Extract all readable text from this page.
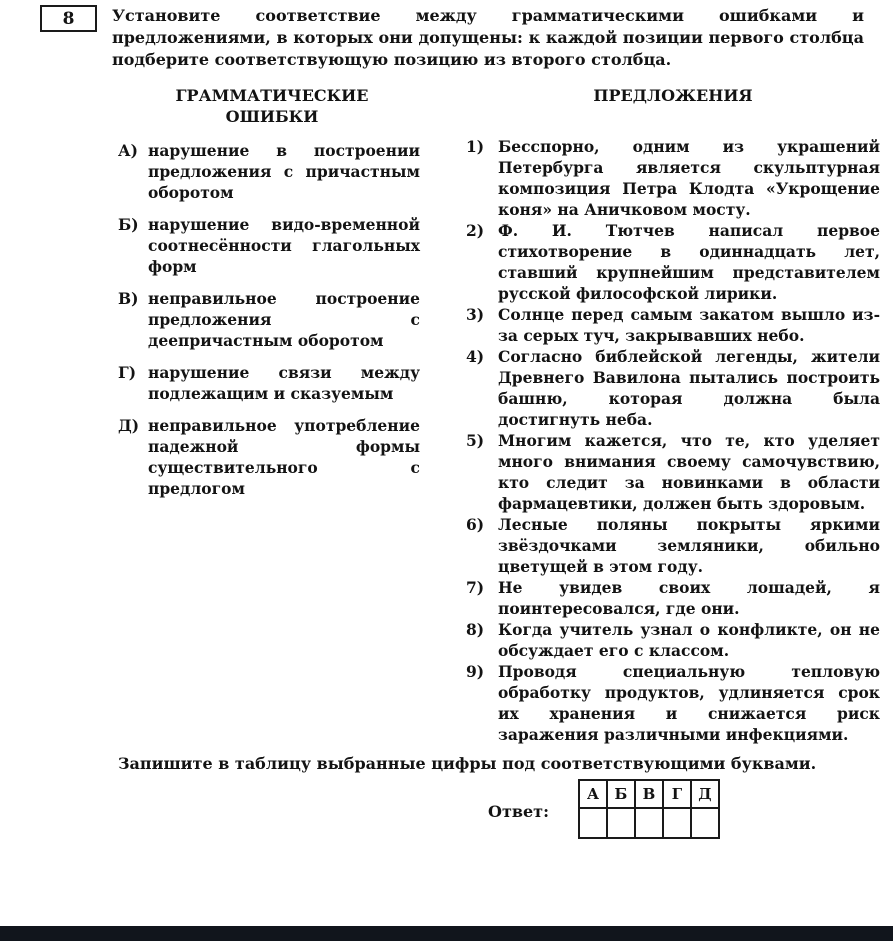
8 Установите соответствие между грамматическими ошибками и предложениями, в которых они допущены: к каждой позиции первого столбца подберите соответствующую позицию из второго столбца.

ГРАММАТИЧЕСКИЕ
ОШИБКИ
А) нарушение в построении предложения с причастным оборотом
Б) нарушение видо-временной соотнесённости глагольных форм
В) неправильное построение предложения с деепричастным оборотом
Г) нарушение связи между подлежащим и сказуемым
Д) неправильное употребление падежной формы существительного с предлогом
ПРЕДЛОЖЕНИЯ
1) Бесспорно, одним из украшений Петербурга является скульптурная композиция Петра Клодта «Укрощение коня» на Аничковом мосту.
2) Ф. И. Тютчев написал первое стихотворение в одиннадцать лет, ставший крупнейшим представителем русской философской лирики.
3) Солнце перед самым закатом вышло из-за серых туч, закрывавших небо.
4) Согласно библейской легенды, жители Древнего Вавилона пытались построить башню, которая должна была достигнуть неба.
5) Многим кажется, что те, кто уделяет много внимания своему самочувствию, кто следит за новинками в области фармацевтики, должен быть здоровым.
6) Лесные поляны покрыты яркими звёздочками земляники, обильно цветущей в этом году.
7) Не увидев своих лошадей, я поинтересовался, где они.
8) Когда учитель узнал о конфликте, он не обсуждает его с классом.
9) Проводя специальную тепловую обработку продуктов, удлиняется срок их хранения и снижается риск заражения различными инфекциями.

Запишите в таблицу выбранные цифры под соответствующими буквами.

Ответ:
А	Б	В	Г	Д
